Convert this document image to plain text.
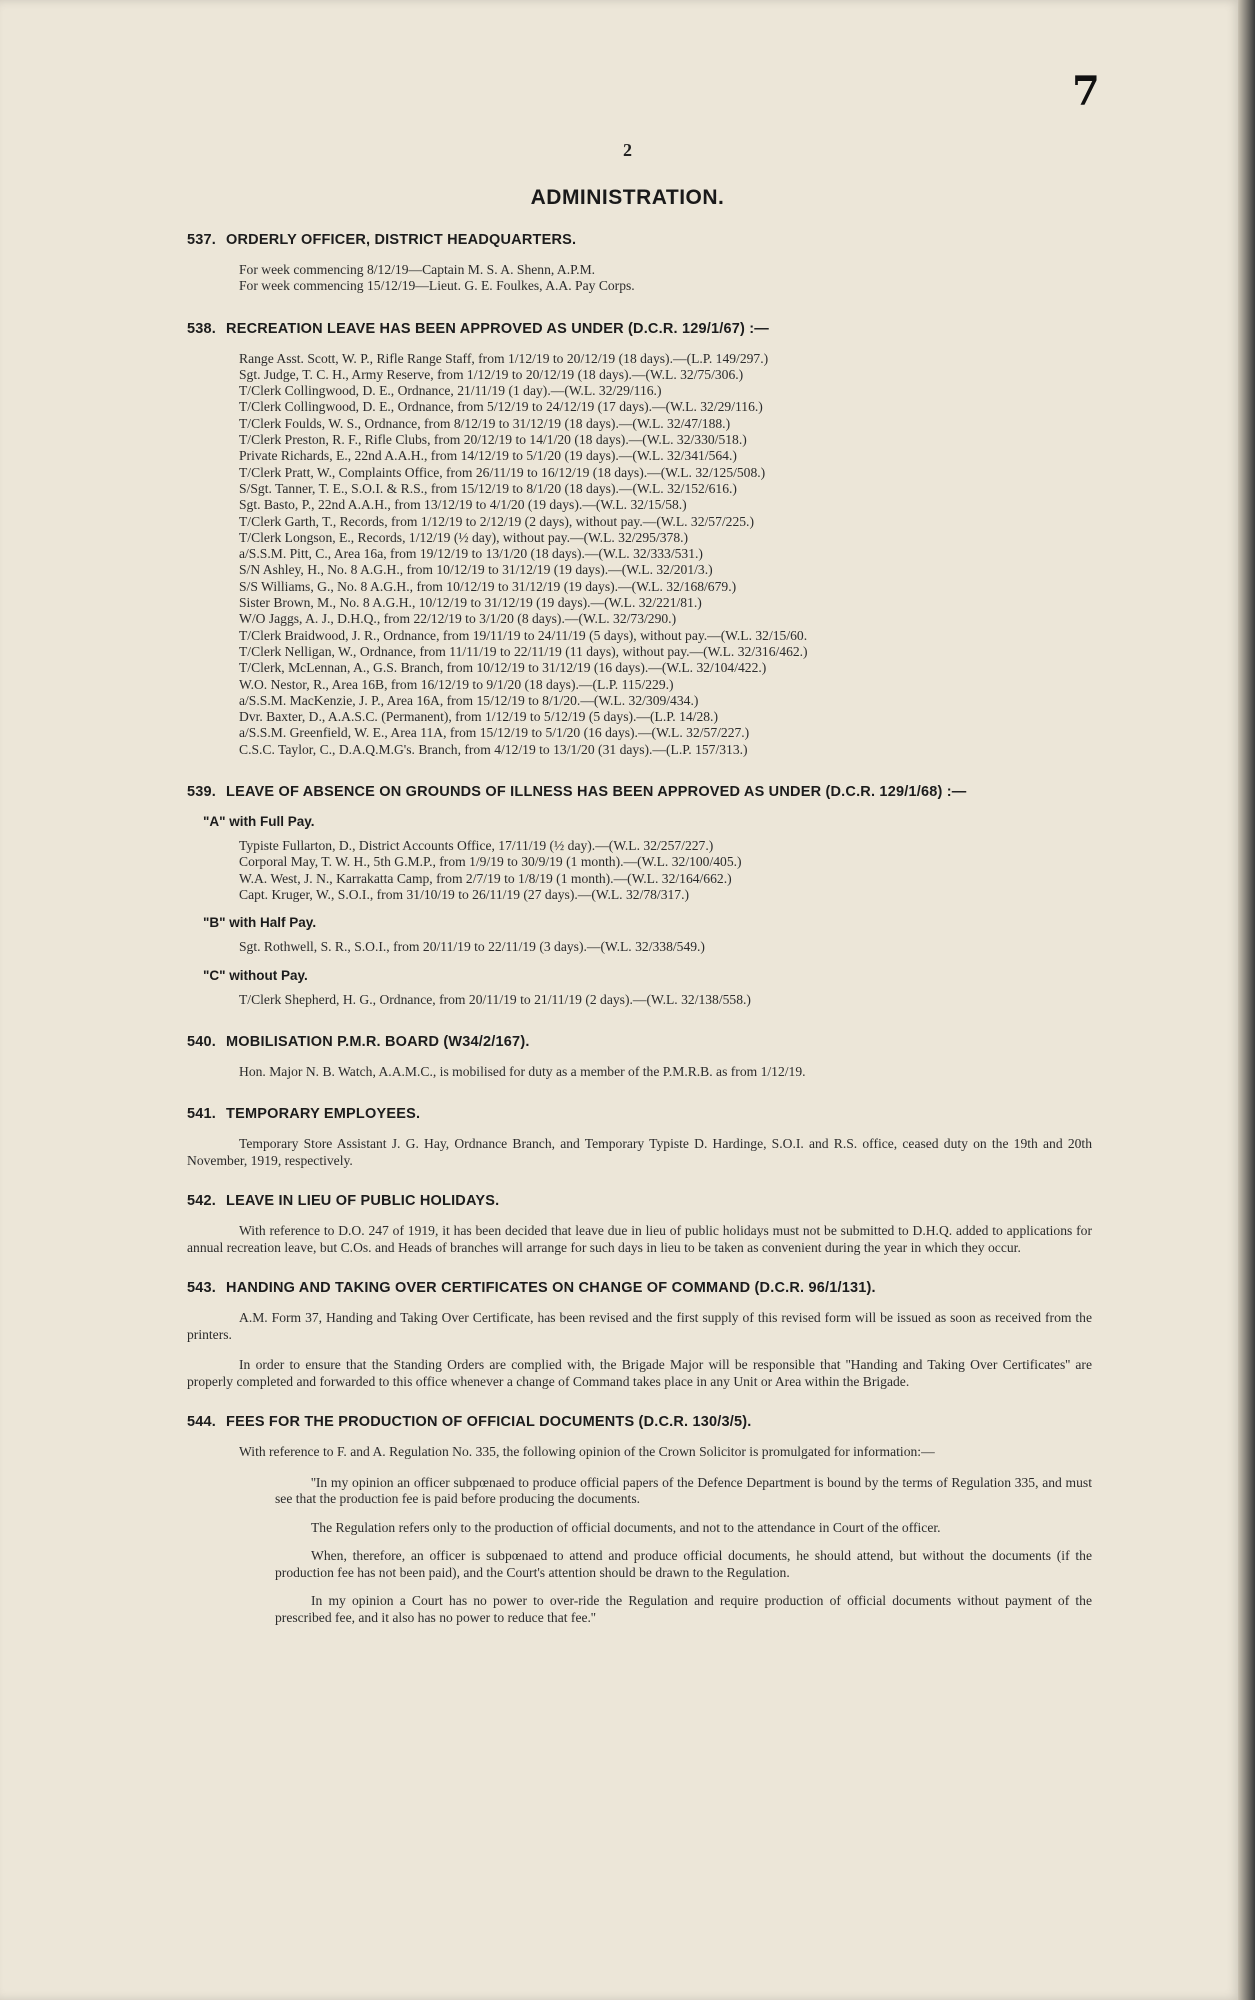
7
2
ADMINISTRATION.
537. ORDERLY OFFICER, DISTRICT HEADQUARTERS.
For week commencing 8/12/19—Captain M. S. A. Shenn, A.P.M.
For week commencing 15/12/19—Lieut. G. E. Foulkes, A.A. Pay Corps.
538. RECREATION LEAVE HAS BEEN APPROVED AS UNDER (D.C.R. 129/1/67) :—
Range Asst. Scott, W. P., Rifle Range Staff, from 1/12/19 to 20/12/19 (18 days).—(L.P. 149/297.)
Sgt. Judge, T. C. H., Army Reserve, from 1/12/19 to 20/12/19 (18 days).—(W.L. 32/75/306.)
T/Clerk Collingwood, D. E., Ordnance, 21/11/19 (1 day).—(W.L. 32/29/116.)
T/Clerk Collingwood, D. E., Ordnance, from 5/12/19 to 24/12/19 (17 days).—(W.L. 32/29/116.)
T/Clerk Foulds, W. S., Ordnance, from 8/12/19 to 31/12/19 (18 days).—(W.L. 32/47/188.)
T/Clerk Preston, R. F., Rifle Clubs, from 20/12/19 to 14/1/20 (18 days).—(W.L. 32/330/518.)
Private Richards, E., 22nd A.A.H., from 14/12/19 to 5/1/20 (19 days).—(W.L. 32/341/564.)
T/Clerk Pratt, W., Complaints Office, from 26/11/19 to 16/12/19 (18 days).—(W.L. 32/125/508.)
S/Sgt. Tanner, T. E., S.O.I. & R.S., from 15/12/19 to 8/1/20 (18 days).—(W.L. 32/152/616.)
Sgt. Basto, P., 22nd A.A.H., from 13/12/19 to 4/1/20 (19 days).—(W.L. 32/15/58.)
T/Clerk Garth, T., Records, from 1/12/19 to 2/12/19 (2 days), without pay.—(W.L. 32/57/225.)
T/Clerk Longson, E., Records, 1/12/19 (½ day), without pay.—(W.L. 32/295/378.)
a/S.S.M. Pitt, C., Area 16a, from 19/12/19 to 13/1/20 (18 days).—(W.L. 32/333/531.)
S/N Ashley, H., No. 8 A.G.H., from 10/12/19 to 31/12/19 (19 days).—(W.L. 32/201/3.)
S/S Williams, G., No. 8 A.G.H., from 10/12/19 to 31/12/19 (19 days).—(W.L. 32/168/679.)
Sister Brown, M., No. 8 A.G.H., 10/12/19 to 31/12/19 (19 days).—(W.L. 32/221/81.)
W/O Jaggs, A. J., D.H.Q., from 22/12/19 to 3/1/20 (8 days).—(W.L. 32/73/290.)
T/Clerk Braidwood, J. R., Ordnance, from 19/11/19 to 24/11/19 (5 days), without pay.—(W.L. 32/15/60.
T/Clerk Nelligan, W., Ordnance, from 11/11/19 to 22/11/19 (11 days), without pay.—(W.L. 32/316/462.)
T/Clerk, McLennan, A., G.S. Branch, from 10/12/19 to 31/12/19 (16 days).—(W.L. 32/104/422.)
W.O. Nestor, R., Area 16B, from 16/12/19 to 9/1/20 (18 days).—(L.P. 115/229.)
a/S.S.M. MacKenzie, J. P., Area 16A, from 15/12/19 to 8/1/20.—(W.L. 32/309/434.)
Dvr. Baxter, D., A.A.S.C. (Permanent), from 1/12/19 to 5/12/19 (5 days).—(L.P. 14/28.)
a/S.S.M. Greenfield, W. E., Area 11A, from 15/12/19 to 5/1/20 (16 days).—(W.L. 32/57/227.)
C.S.C. Taylor, C., D.A.Q.M.G's. Branch, from 4/12/19 to 13/1/20 (31 days).—(L.P. 157/313.)
539. LEAVE OF ABSENCE ON GROUNDS OF ILLNESS HAS BEEN APPROVED AS UNDER (D.C.R. 129/1/68) :—
"A" with Full Pay.
Typiste Fullarton, D., District Accounts Office, 17/11/19 (½ day).—(W.L. 32/257/227.)
Corporal May, T. W. H., 5th G.M.P., from 1/9/19 to 30/9/19 (1 month).—(W.L. 32/100/405.)
W.A. West, J. N., Karrakatta Camp, from 2/7/19 to 1/8/19 (1 month).—(W.L. 32/164/662.)
Capt. Kruger, W., S.O.I., from 31/10/19 to 26/11/19 (27 days).—(W.L. 32/78/317.)
"B" with Half Pay.
Sgt. Rothwell, S. R., S.O.I., from 20/11/19 to 22/11/19 (3 days).—(W.L. 32/338/549.)
"C" without Pay.
T/Clerk Shepherd, H. G., Ordnance, from 20/11/19 to 21/11/19 (2 days).—(W.L. 32/138/558.)
540. MOBILISATION P.M.R. BOARD (W34/2/167).
Hon. Major N. B. Watch, A.A.M.C., is mobilised for duty as a member of the P.M.R.B. as from 1/12/19.
541. TEMPORARY EMPLOYEES.
Temporary Store Assistant J. G. Hay, Ordnance Branch, and Temporary Typiste D. Hardinge, S.O.I. and R.S. office, ceased duty on the 19th and 20th November, 1919, respectively.
542. LEAVE IN LIEU OF PUBLIC HOLIDAYS.
With reference to D.O. 247 of 1919, it has been decided that leave due in lieu of public holidays must not be submitted to D.H.Q. added to applications for annual recreation leave, but C.Os. and Heads of branches will arrange for such days in lieu to be taken as convenient during the year in which they occur.
543. HANDING AND TAKING OVER CERTIFICATES ON CHANGE OF COMMAND (D.C.R. 96/1/131).
A.M. Form 37, Handing and Taking Over Certificate, has been revised and the first supply of this revised form will be issued as soon as received from the printers.
In order to ensure that the Standing Orders are complied with, the Brigade Major will be responsible that ''Handing and Taking Over Certificates'' are properly completed and forwarded to this office whenever a change of Command takes place in any Unit or Area within the Brigade.
544. FEES FOR THE PRODUCTION OF OFFICIAL DOCUMENTS (D.C.R. 130/3/5).
With reference to F. and A. Regulation No. 335, the following opinion of the Crown Solicitor is promulgated for information:—
''In my opinion an officer subpœnaed to produce official papers of the Defence Department is bound by the terms of Regulation 335, and must see that the production fee is paid before producing the documents.
The Regulation refers only to the production of official documents, and not to the attendance in Court of the officer.
When, therefore, an officer is subpœnaed to attend and produce official documents, he should attend, but without the documents (if the production fee has not been paid), and the Court's attention should be drawn to the Regulation.
In my opinion a Court has no power to over-ride the Regulation and require production of official documents without payment of the prescribed fee, and it also has no power to reduce that fee.''
